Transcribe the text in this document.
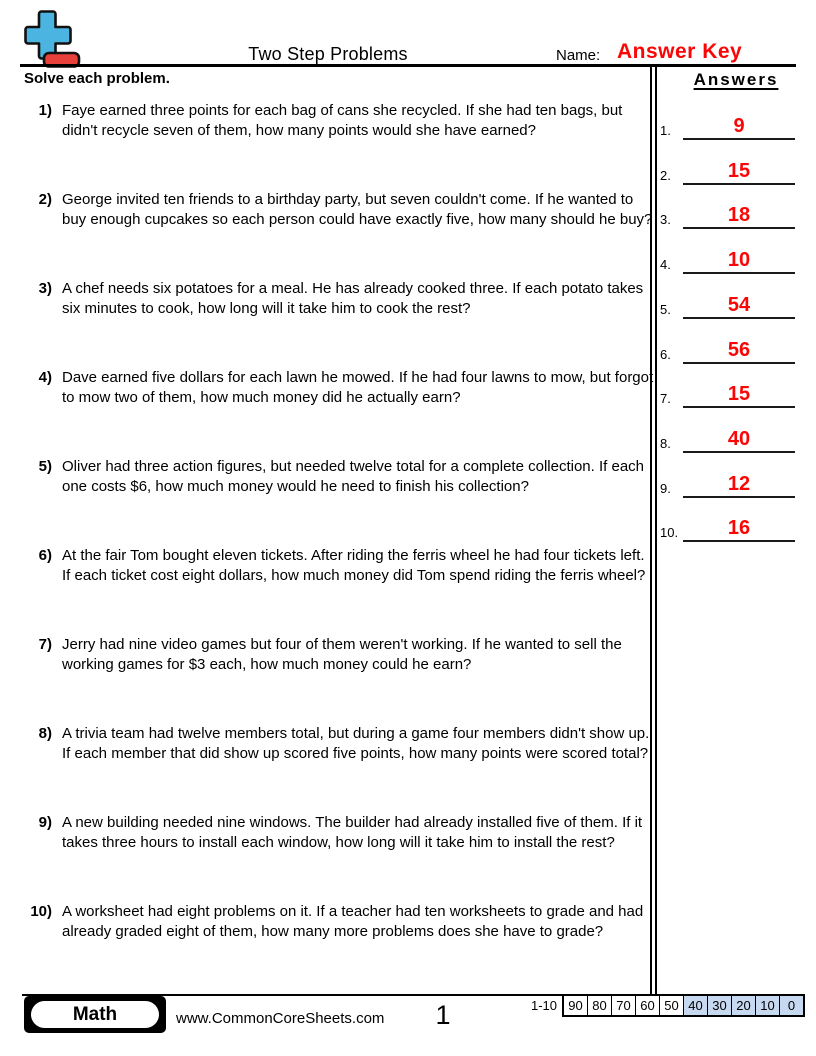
Two Step Problems	Name: Answer Key
Solve each problem.
1) Faye earned three points for each bag of cans she recycled. If she had ten bags, but didn't recycle seven of them, how many points would she have earned?
2) George invited ten friends to a birthday party, but seven couldn't come. If he wanted to buy enough cupcakes so each person could have exactly five, how many should he buy?
3) A chef needs six potatoes for a meal. He has already cooked three. If each potato takes six minutes to cook, how long will it take him to cook the rest?
4) Dave earned five dollars for each lawn he mowed. If he had four lawns to mow, but forgot to mow two of them, how much money did he actually earn?
5) Oliver had three action figures, but needed twelve total for a complete collection. If each one costs $6, how much money would he need to finish his collection?
6) At the fair Tom bought eleven tickets. After riding the ferris wheel he had four tickets left. If each ticket cost eight dollars, how much money did Tom spend riding the ferris wheel?
7) Jerry had nine video games but four of them weren't working. If he wanted to sell the working games for $3 each, how much money could he earn?
8) A trivia team had twelve members total, but during a game four members didn't show up. If each member that did show up scored five points, how many points were scored total?
9) A new building needed nine windows. The builder had already installed five of them. If it takes three hours to install each window, how long will it take him to install the rest?
10) A worksheet had eight problems on it. If a teacher had ten worksheets to grade and had already graded eight of them, how many more problems does she have to grade?
Answers
1.	9
2.	15
3.	18
4.	10
5.	54
6.	56
7.	15
8.	40
9.	12
10.	16
Math	www.CommonCoreSheets.com	1	1-10 90 80 70 60 50 40 30 20 10	0
